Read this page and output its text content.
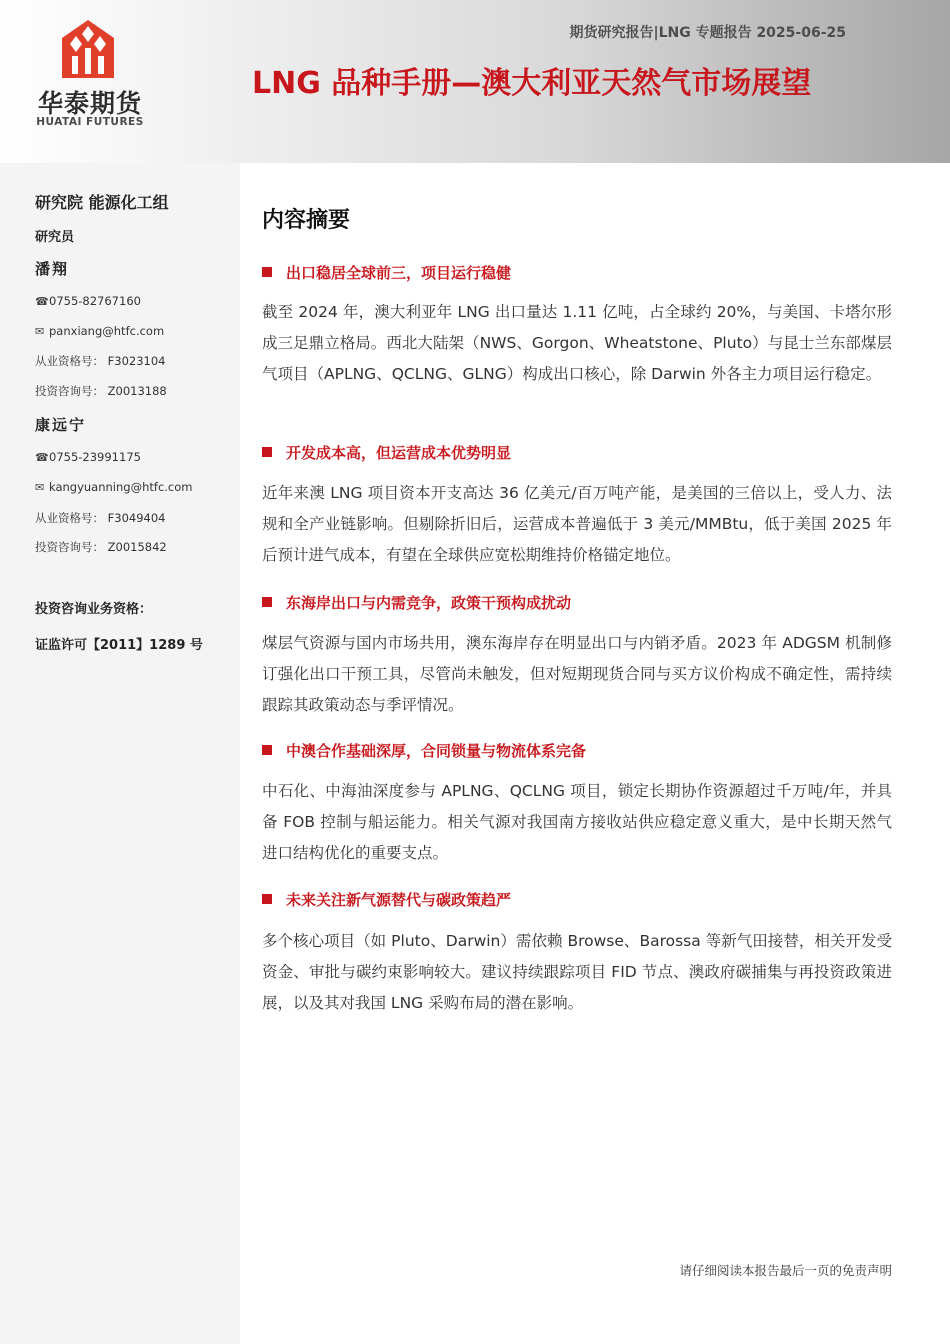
华泰期货
HUATAI FUTURES
期货研究报告|LNG 专题报告 2025-06-25
LNG 品种手册—澳大利亚天然气市场展望
研究院 能源化工组
研究员
潘翔
☎0755-82767160
✉ panxiang@htfc.com
从业资格号： F3023104
投资咨询号： Z0013188
康远宁
☎0755-23991175
✉ kangyuanning@htfc.com
从业资格号： F3049404
投资咨询号： Z0015842
投资咨询业务资格：
证监许可【2011】1289 号
内容摘要
出口稳居全球前三，项目运行稳健

截至 2024 年，澳大利亚年 LNG 出口量达 1.11 亿吨，占全球约 20%，与美国、卡塔尔形成三足鼎立格局。西北大陆架（NWS、Gorgon、Wheatstone、Pluto）与昆士兰东部煤层气项目（APLNG、QCLNG、GLNG）构成出口核心，除 Darwin 外各主力项目运行稳定。

开发成本高，但运营成本优势明显

近年来澳 LNG 项目资本开支高达 36 亿美元/百万吨产能，是美国的三倍以上，受人力、法规和全产业链影响。但剔除折旧后，运营成本普遍低于 3 美元/MMBtu，低于美国 2025 年后预计进气成本，有望在全球供应宽松期维持价格锚定地位。

东海岸出口与内需竞争，政策干预构成扰动

煤层气资源与国内市场共用，澳东海岸存在明显出口与内销矛盾。2023 年 ADGSM 机制修订强化出口干预工具，尽管尚未触发，但对短期现货合同与买方议价构成不确定性，需持续跟踪其政策动态与季评情况。

中澳合作基础深厚，合同锁量与物流体系完备

中石化、中海油深度参与 APLNG、QCLNG 项目，锁定长期协作资源超过千万吨/年，并具备 FOB 控制与船运能力。相关气源对我国南方接收站供应稳定意义重大，是中长期天然气进口结构优化的重要支点。

未来关注新气源替代与碳政策趋严

多个核心项目（如 Pluto、Darwin）需依赖 Browse、Barossa 等新气田接替，相关开发受资金、审批与碳约束影响较大。建议持续跟踪项目 FID 节点、澳政府碳捕集与再投资政策进展，以及其对我国 LNG 采购布局的潜在影响。

请仔细阅读本报告最后一页的免责声明
